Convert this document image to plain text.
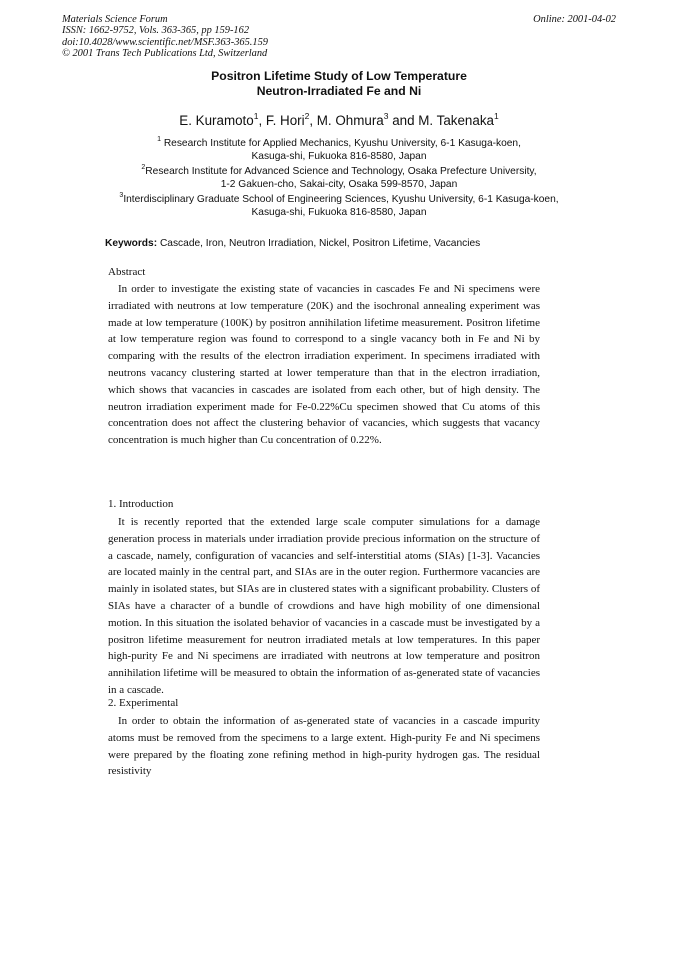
Materials Science Forum
ISSN: 1662-9752, Vols. 363-365, pp 159-162
doi:10.4028/www.scientific.net/MSF.363-365.159
© 2001 Trans Tech Publications Ltd, Switzerland
Online: 2001-04-02
Positron Lifetime Study of Low Temperature
Neutron-Irradiated Fe and Ni
E. Kuramoto$^1$, F. Hori$^2$, M. Ohmura$^3$ and M. Takenaka$^1$
$^1$ Research Institute for Applied Mechanics, Kyushu University, 6-1 Kasuga-koen,
Kasuga-shi, Fukuoka 816-8580, Japan
$^2$Research Institute for Advanced Science and Technology, Osaka Prefecture University,
1-2 Gakuen-cho, Sakai-city, Osaka 599-8570, Japan
$^3$Interdisciplinary Graduate School of Engineering Sciences, Kyushu University, 6-1 Kasuga-koen,
Kasuga-shi, Fukuoka 816-8580, Japan
Keywords: Cascade, Iron, Neutron Irradiation, Nickel, Positron Lifetime, Vacancies
Abstract

In order to investigate the existing state of vacancies in cascades Fe and Ni specimens were irradiated with neutrons at low temperature (20K) and the isochronal annealing experiment was made at low temperature (100K) by positron annihilation lifetime measurement. Positron lifetime at low temperature region was found to correspond to a single vacancy both in Fe and Ni by comparing with the results of the electron irradiation experiment. In specimens irradiated with neutrons vacancy clustering started at lower temperature than that in the electron irradiation, which shows that vacancies in cascades are isolated from each other, but of high density. The neutron irradiation experiment made for Fe-0.22%Cu specimen showed that Cu atoms of this concentration does not affect the clustering behavior of vacancies, which suggests that vacancy concentration is much higher than Cu concentration of 0.22%.

1. Introduction

It is recently reported that the extended large scale computer simulations for a damage generation process in materials under irradiation provide precious information on the structure of a cascade, namely, configuration of vacancies and self-interstitial atoms (SIAs) [1-3]. Vacancies are located mainly in the central part, and SIAs are in the outer region. Furthermore vacancies are mainly in isolated states, but SIAs are in clustered states with a significant probability. Clusters of SIAs have a character of a bundle of crowdions and have high mobility of one dimensional motion. In this situation the isolated behavior of vacancies in a cascade must be investigated by a positron lifetime measurement for neutron irradiated metals at low temperatures. In this paper high-purity Fe and Ni specimens are irradiated with neutrons at low temperature and positron annihilation lifetime will be measured to obtain the information of as-generated state of vacancies in a cascade.

2. Experimental

In order to obtain the information of as-generated state of vacancies in a cascade impurity atoms must be removed from the specimens to a large extent. High-purity Fe and Ni specimens were prepared by the floating zone refining method in high-purity hydrogen gas. The residual resistivity
